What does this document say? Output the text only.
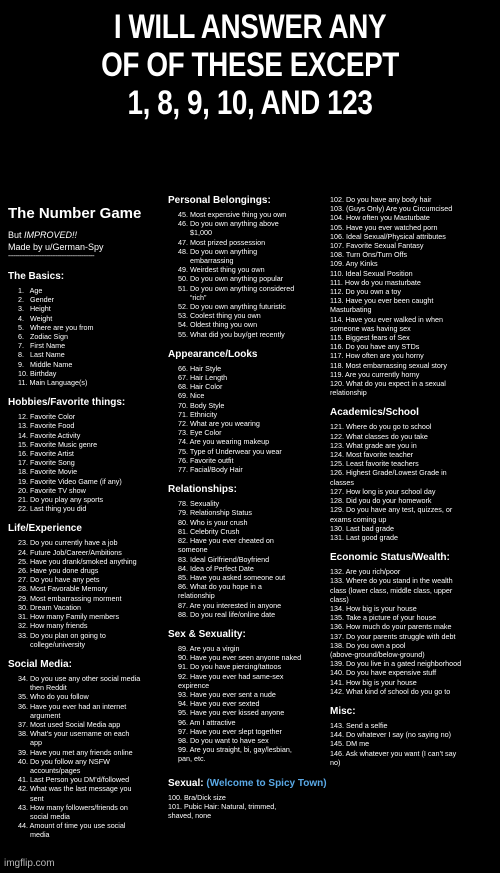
I WILL ANSWER ANY
OF OF THESE EXCEPT
1, 8, 9, 10, AND 123
The Number Game
But IMPROVED!!
Made by u/German-Spy
-----------------------------------------------
The Basics:
1.   Age
2.   Gender
3.   Height
4.   Weight
5.   Where are you from
6.   Zodiac Sign
7.   First Name
8.   Last Name
9.   Middle Name
10. Birthday
11. Main Language(s)
Hobbies/Favorite things:
12. Favorite Color
13. Favorite Food
14. Favorite Activity
15. Favorite Music genre
16. Favorite Artist
17. Favorite Song
18. Favorite Movie
19. Favorite Video Game (if any)
20. Favorite TV show
21. Do you play any sports
22. Last thing you did
Life/Experience
23. Do you currently have a job
24. Future Job/Career/Ambitions
25. Have you drank/smoked anything
26. Have you done drugs
27. Do you have any pets
28. Most Favorable Memory
29. Most embarrassing morment
30. Dream Vacation
31. How many Family members
32. How many friends
33. Do you plan on going to
college/university
Social Media:
34. Do you use any other social media
then Reddit
35. Who do you follow
36. Have you ever had an internet
argument
37. Most used Social Media app
38. What’s your username on each
app
39. Have you met any friends online
40. Do you follow any NSFW
accounts/pages
41. Last Person you DM’d/followed
42. What was the last message you
sent
43. How many followers/friends on
social media
44. Amount of time you use social
media
Personal Belongings:
45. Most expensive thing you own
46. Do you own anything above
$1,000
47. Most prized possession
48. Do you own anything
embarrassing
49. Weirdest thing you own
50. Do you own anything popular
51. Do you own anything considered
“rich”
52. Do you own anything futuristic
53. Coolest thing you own
54. Oldest thing you own
55. What did you buy/get recently
Appearance/Looks
66. Hair Style
67. Hair Length
68. Hair Color
69. Nice
70. Body Style
71. Ethnicity
72. What are you wearing
73. Eye Color
74. Are you wearing makeup
75. Type of Underwear you wear
76. Favorite outfit
77. Facial/Body Hair
Relationships:
78. Sexuality
79. Relationship Status
80. Who is your crush
81. Celebrity Crush
82. Have you ever cheated on
someone
83. Ideal Girlfriend/Boyfriend
84. Idea of Perfect Date
85. Have you asked someone out
86. What do you hope in a
relationship
87. Are you interested in anyone
88. Do you real life/online date
Sex & Sexuality:
89. Are you a virgin
90. Have you ever seen anyone naked
91. Do you have piercing/tattoos
92. Have you ever had same-sex
expirence
93. Have you ever sent a nude
94. Have you ever sexted
95. Have you ever kissed anyone
96. Am I attractive
97. Have you ever slept together
98. Do you want to have sex
99. Are you straight, bi, gay/lesbian,
pan, etc.
Sexual: (Welcome to Spicy Town)
100. Bra/Dick size
101. Pubic Hair: Natural, trimmed,
shaved, none
102. Do you have any body hair
103. (Guys Only) Are you Circumcised
104. How often you Masturbate
105. Have you ever watched porn
106. Ideal Sexual/Physical attributes
107. Favorite Sexual Fantasy
108. Turn Ons/Turn Offs
109. Any Kinks
110. Ideal Sexual Position
111. How do you masturbate
112. Do you own a toy
113. Have you ever been caught
Masturbating
114. Have you ever walked in when
someone was having sex
115. Biggest fears of Sex
116. Do you have any STDs
117. How often are you horny
118. Most embarrassing sexual story
119. Are you currently horny
120. What do you expect in a sexual
relationship
Academics/School
121. Where do you go to school
122. What classes do you take
123. What grade are you in
124. Most favorite teacher
125. Least favorite teachers
126. Highest Grade/Lowest Grade in
classes
127. How long is your school day
128. Did you do your homework
129. Do you have any test, quizzes, or
exams coming up
130. Last bad grade
131. Last good grade
Economic Status/Wealth:
132. Are you rich/poor
133. Where do you stand in the wealth
class (lower class, middle class, upper
class)
134. How big is your house
135. Take a picture of your house
136. How much do your parents make
137. Do your parents struggle with debt
138. Do you own a pool
(above-ground/below-ground)
139. Do you live in a gated neighborhood
140. Do you have expensive stuff
141. How big is your house
142. What kind of school do you go to
Misc:
143. Send a selfie
144. Do whatever I say (no saying no)
145. DM me
146. Ask whatever you want (I can’t say
no)
imgflip.com
